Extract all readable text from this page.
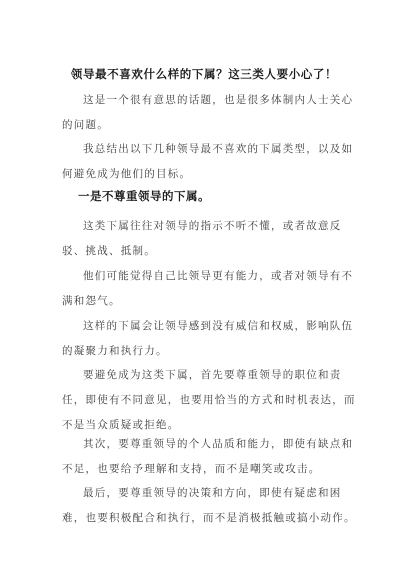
领导最不喜欢什么样的下属？这三类人要小心了！
这是一个很有意思的话题，也是很多体制内人士关心的问题。
我总结出以下几种领导最不喜欢的下属类型，以及如何避免成为他们的目标。
一是不尊重领导的下属。
这类下属往往对领导的指示不听不懂，或者故意反驳、挑战、抵制。
他们可能觉得自己比领导更有能力，或者对领导有不满和怨气。
这样的下属会让领导感到没有威信和权威，影响队伍的凝聚力和执行力。
要避免成为这类下属，首先要尊重领导的职位和责任，即使有不同意见，也要用恰当的方式和时机表达，而不是当众质疑或拒绝。
其次，要尊重领导的个人品质和能力，即使有缺点和不足，也要给予理解和支持，而不是嘲笑或攻击。
最后，要尊重领导的决策和方向，即使有疑虑和困难，也要积极配合和执行，而不是消极抵触或搞小动作。
